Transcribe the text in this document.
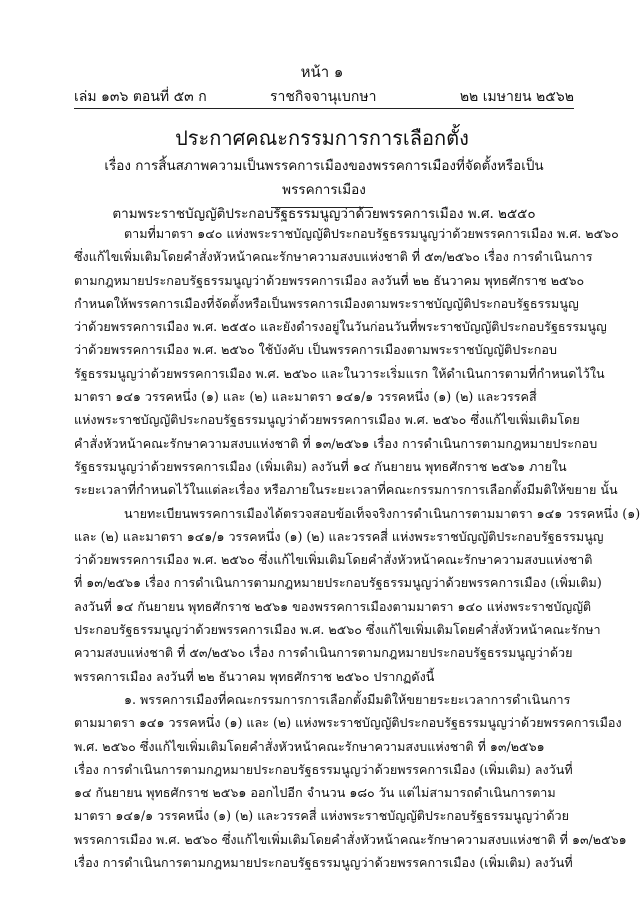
หน้า ๑
เล่ม ๑๓๖ ตอนที่ ๕๓ ก	ราชกิจจานุเบกษา	๒๒ เมษายน ๒๕๖๒
ประกาศคณะกรรมการการเลือกตั้ง
เรื่อง การสิ้นสภาพความเป็นพรรคการเมืองของพรรคการเมืองที่จัดตั้งหรือเป็นพรรคการเมือง
ตามพระราชบัญญัติประกอบรัฐธรรมนูญว่าด้วยพรรคการเมือง พ.ศ. ๒๕๕๐
ตามที่มาตรา ๑๔๐ แห่งพระราชบัญญัติประกอบรัฐธรรมนูญว่าด้วยพรรคการเมือง พ.ศ. ๒๕๖๐
ซึ่งแก้ไขเพิ่มเติมโดยคำสั่งหัวหน้าคณะรักษาความสงบแห่งชาติ ที่ ๕๓/๒๕๖๐ เรื่อง การดำเนินการ
ตามกฎหมายประกอบรัฐธรรมนูญว่าด้วยพรรคการเมือง ลงวันที่ ๒๒ ธันวาคม พุทธศักราช ๒๕๖๐
กำหนดให้พรรคการเมืองที่จัดตั้งหรือเป็นพรรคการเมืองตามพระราชบัญญัติประกอบรัฐธรรมนูญ
ว่าด้วยพรรคการเมือง พ.ศ. ๒๕๕๐ และยังดำรงอยู่ในวันก่อนวันที่พระราชบัญญัติประกอบรัฐธรรมนูญ
ว่าด้วยพรรคการเมือง พ.ศ. ๒๕๖๐ ใช้บังคับ เป็นพรรคการเมืองตามพระราชบัญญัติประกอบ
รัฐธรรมนูญว่าด้วยพรรคการเมือง พ.ศ. ๒๕๖๐ และในวาระเริ่มแรก ให้ดำเนินการตามที่กำหนดไว้ใน
มาตรา ๑๔๑ วรรคหนึ่ง (๑) และ (๒) และมาตรา ๑๔๑/๑ วรรคหนึ่ง (๑) (๒) และวรรคสี่
แห่งพระราชบัญญัติประกอบรัฐธรรมนูญว่าด้วยพรรคการเมือง พ.ศ. ๒๕๖๐ ซึ่งแก้ไขเพิ่มเติมโดย
คำสั่งหัวหน้าคณะรักษาความสงบแห่งชาติ ที่ ๑๓/๒๕๖๑ เรื่อง การดำเนินการตามกฎหมายประกอบ
รัฐธรรมนูญว่าด้วยพรรคการเมือง (เพิ่มเติม) ลงวันที่ ๑๔ กันยายน พุทธศักราช ๒๕๖๑ ภายใน
ระยะเวลาที่กำหนดไว้ในแต่ละเรื่อง หรือภายในระยะเวลาที่คณะกรรมการการเลือกตั้งมีมติให้ขยาย นั้น
นายทะเบียนพรรคการเมืองได้ตรวจสอบข้อเท็จจริงการดำเนินการตามมาตรา ๑๔๑ วรรคหนึ่ง (๑)
และ (๒) และมาตรา ๑๔๑/๑ วรรคหนึ่ง (๑) (๒) และวรรคสี่ แห่งพระราชบัญญัติประกอบรัฐธรรมนูญ
ว่าด้วยพรรคการเมือง พ.ศ. ๒๕๖๐ ซึ่งแก้ไขเพิ่มเติมโดยคำสั่งหัวหน้าคณะรักษาความสงบแห่งชาติ
ที่ ๑๓/๒๕๖๑ เรื่อง การดำเนินการตามกฎหมายประกอบรัฐธรรมนูญว่าด้วยพรรคการเมือง (เพิ่มเติม)
ลงวันที่ ๑๔ กันยายน พุทธศักราช ๒๕๖๑ ของพรรคการเมืองตามมาตรา ๑๔๐ แห่งพระราชบัญญัติ
ประกอบรัฐธรรมนูญว่าด้วยพรรคการเมือง พ.ศ. ๒๕๖๐ ซึ่งแก้ไขเพิ่มเติมโดยคำสั่งหัวหน้าคณะรักษา
ความสงบแห่งชาติ ที่ ๕๓/๒๕๖๐ เรื่อง การดำเนินการตามกฎหมายประกอบรัฐธรรมนูญว่าด้วย
พรรคการเมือง ลงวันที่ ๒๒ ธันวาคม พุทธศักราช ๒๕๖๐ ปรากฏดังนี้
๑. พรรคการเมืองที่คณะกรรมการการเลือกตั้งมีมติให้ขยายระยะเวลาการดำเนินการ
ตามมาตรา ๑๔๑ วรรคหนึ่ง (๑) และ (๒) แห่งพระราชบัญญัติประกอบรัฐธรรมนูญว่าด้วยพรรคการเมือง
พ.ศ. ๒๕๖๐ ซึ่งแก้ไขเพิ่มเติมโดยคำสั่งหัวหน้าคณะรักษาความสงบแห่งชาติ ที่ ๑๓/๒๕๖๑
เรื่อง การดำเนินการตามกฎหมายประกอบรัฐธรรมนูญว่าด้วยพรรคการเมือง (เพิ่มเติม) ลงวันที่
๑๔ กันยายน พุทธศักราช ๒๕๖๑ ออกไปอีก จำนวน ๑๘๐ วัน แต่ไม่สามารถดำเนินการตาม
มาตรา ๑๔๑/๑ วรรคหนึ่ง (๑) (๒) และวรรคสี่ แห่งพระราชบัญญัติประกอบรัฐธรรมนูญว่าด้วย
พรรคการเมือง พ.ศ. ๒๕๖๐ ซึ่งแก้ไขเพิ่มเติมโดยคำสั่งหัวหน้าคณะรักษาความสงบแห่งชาติ ที่ ๑๓/๒๕๖๑
เรื่อง การดำเนินการตามกฎหมายประกอบรัฐธรรมนูญว่าด้วยพรรคการเมือง (เพิ่มเติม) ลงวันที่
